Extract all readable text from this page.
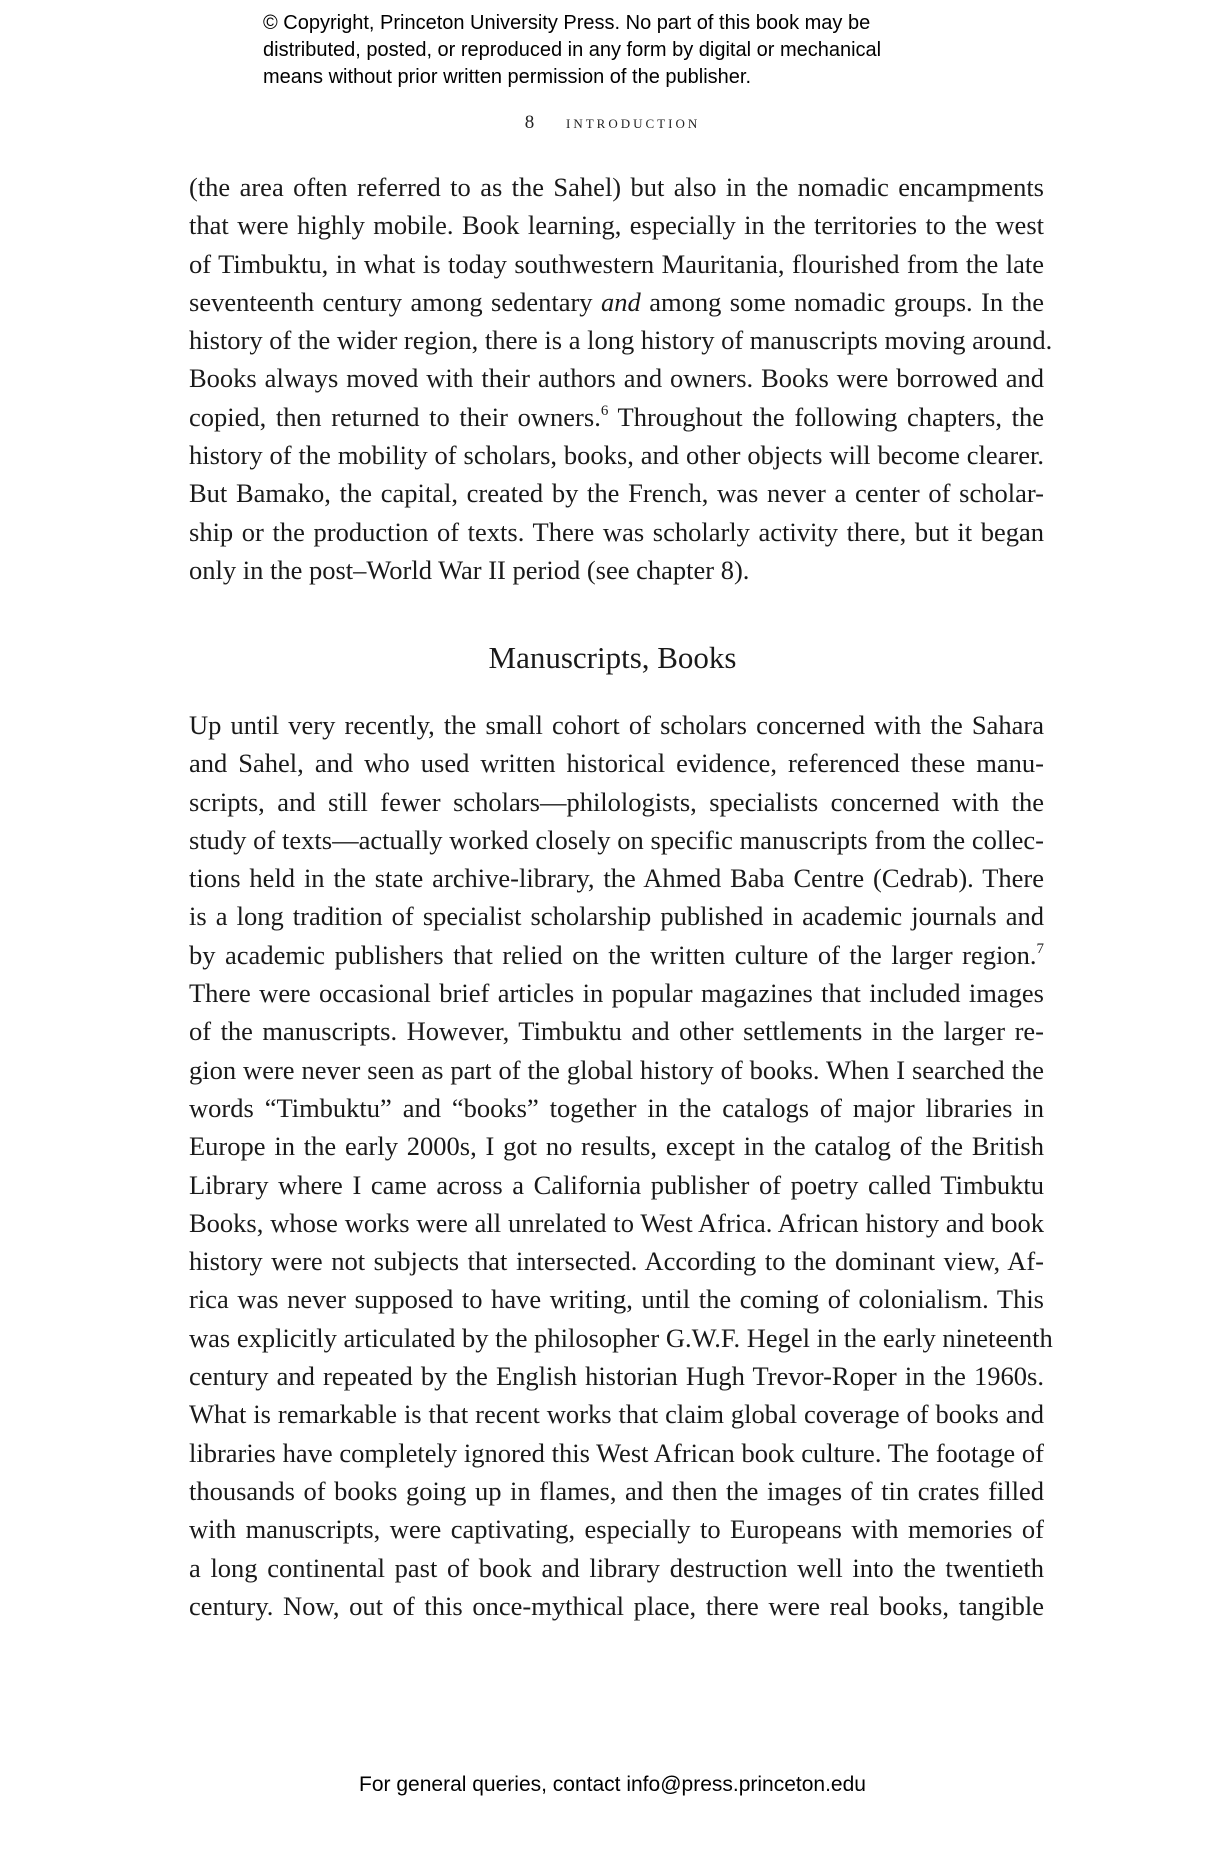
© Copyright, Princeton University Press. No part of this book may be
distributed, posted, or reproduced in any form by digital or mechanical
means without prior written permission of the publisher.
8 introduction
(the area often referred to as the Sahel) but also in the nomadic encampments
that were highly mobile. Book learning, especially in the territories to the west
of Timbuktu, in what is today southwestern Mauritania, flourished from the late
seventeenth century among sedentary and among some nomadic groups. In the
history of the wider region, there is a long history of manuscripts moving around.
Books always moved with their authors and owners. Books were borrowed and
copied, then returned to their owners.$^6$ Throughout the following chapters, the
history of the mobility of scholars, books, and other objects will become clearer.
But Bamako, the capital, created by the French, was never a center of scholar-
ship or the production of texts. There was scholarly activity there, but it began
only in the post–World War II period (see chapter 8).
Manuscripts, Books
Up until very recently, the small cohort of scholars concerned with the Sahara
and Sahel, and who used written historical evidence, referenced these manu-
scripts, and still fewer scholars—philologists, specialists concerned with the
study of texts—actually worked closely on specific manuscripts from the collec-
tions held in the state archive-library, the Ahmed Baba Centre (Cedrab). There
is a long tradition of specialist scholarship published in academic journals and
by academic publishers that relied on the written culture of the larger region.$^7$
There were occasional brief articles in popular magazines that included images
of the manuscripts. However, Timbuktu and other settlements in the larger re-
gion were never seen as part of the global history of books. When I searched the
words “Timbuktu” and “books” together in the catalogs of major libraries in
Europe in the early 2000s, I got no results, except in the catalog of the British
Library where I came across a California publisher of poetry called Timbuktu
Books, whose works were all unrelated to West Africa. African history and book
history were not subjects that intersected. According to the dominant view, Af-
rica was never supposed to have writing, until the coming of colonialism. This
was explicitly articulated by the philosopher G.W.F. Hegel in the early nineteenth
century and repeated by the English historian Hugh Trevor-Roper in the 1960s.
What is remarkable is that recent works that claim global coverage of books and
libraries have completely ignored this West African book culture. The footage of
thousands of books going up in flames, and then the images of tin crates filled
with manuscripts, were captivating, especially to Europeans with memories of
a long continental past of book and library destruction well into the twentieth
century. Now, out of this once-mythical place, there were real books, tangible
For general queries, contact info@press.princeton.edu
